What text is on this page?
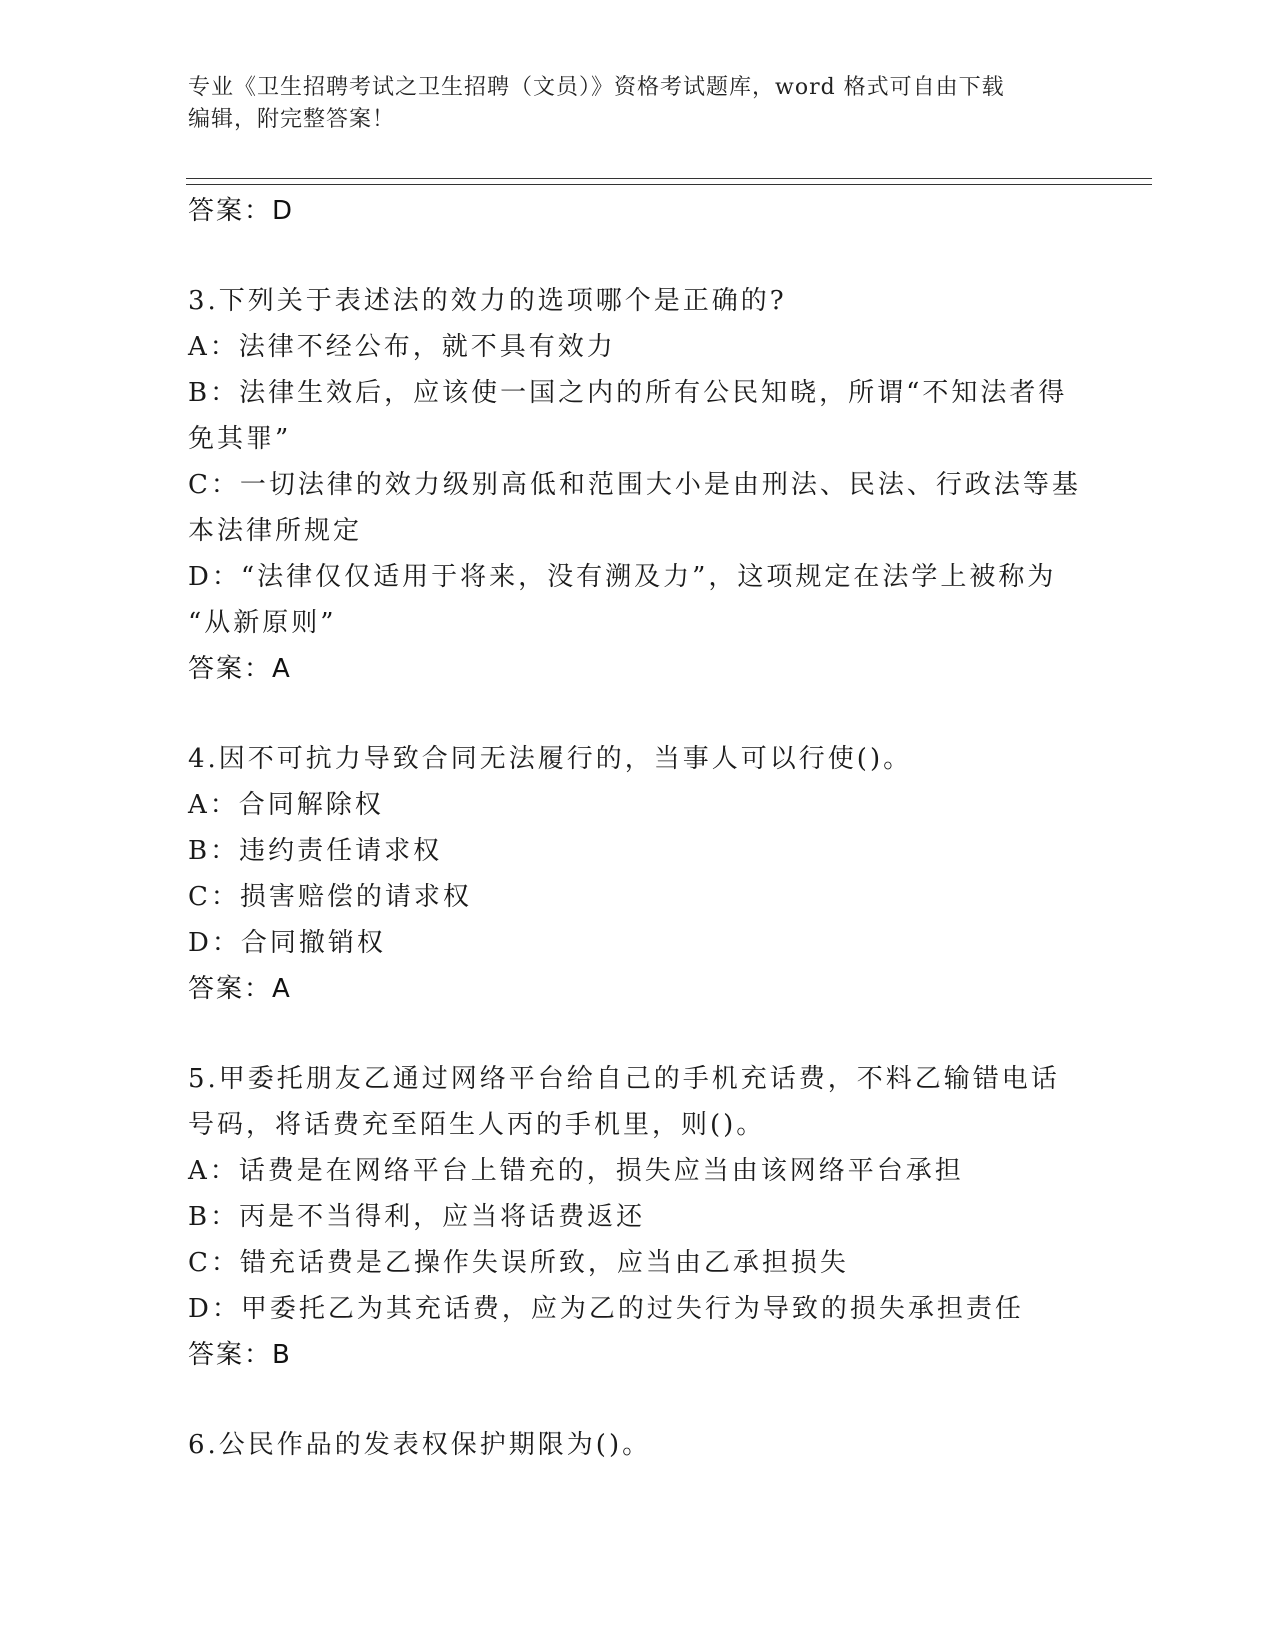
专业《卫生招聘考试之卫生招聘（文员）》资格考试题库，word 格式可自由下载
编辑，附完整答案！
答案：D
3.下列关于表述法的效力的选项哪个是正确的?
A：法律不经公布，就不具有效力
B：法律生效后，应该使一国之内的所有公民知晓，所谓“不知法者得
免其罪”
C：一切法律的效力级别高低和范围大小是由刑法、民法、行政法等基
本法律所规定
D：“法律仅仅适用于将来，没有溯及力”，这项规定在法学上被称为
“从新原则”
答案：A
4.因不可抗力导致合同无法履行的，当事人可以行使()。
A：合同解除权
B：违约责任请求权
C：损害赔偿的请求权
D：合同撤销权
答案：A
5.甲委托朋友乙通过网络平台给自己的手机充话费，不料乙输错电话
号码，将话费充至陌生人丙的手机里，则()。
A：话费是在网络平台上错充的，损失应当由该网络平台承担
B：丙是不当得利，应当将话费返还
C：错充话费是乙操作失误所致，应当由乙承担损失
D：甲委托乙为其充话费，应为乙的过失行为导致的损失承担责任
答案：B
6.公民作品的发表权保护期限为()。
